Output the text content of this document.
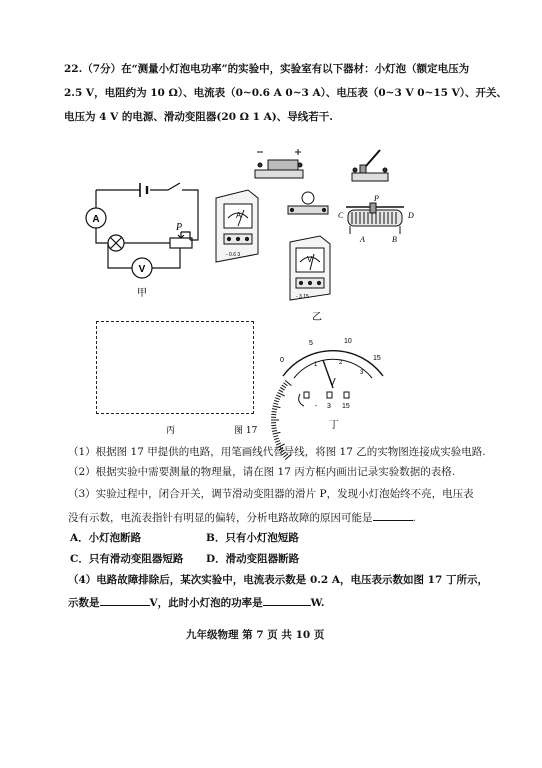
22.（7分）在“测量小灯泡电功率”的实验中，实验室有以下器材：小灯泡（额定电压为
2.5 V，电阻约为 10 Ω）、电流表（0~0.6 A 0~3 A）、电压表（0~3 V 0~15 V）、开关、
电压为 4 V 的电源、滑动变阻器(20 Ω 1 A)、导线若干.
A
V
P
甲
A
- 0.6 3	V
- 3 15
C
P
D
A	B
乙
5	10
15
0
1	2
3
V
- 3 15
丁
丙	图 17
（1）根据图 17 甲提供的电路，用笔画线代替导线，将图 17 乙的实物图连接成实验电路.
（2）根据实验中需要测量的物理量，请在图 17 丙方框内画出记录实验数据的表格.
（3）实验过程中，闭合开关，调节滑动变阻器的滑片 P，发现小灯泡始终不亮，电压表
没有示数，电流表指针有明显的偏转，分析电路故障的原因可能是	.
A．小灯泡断路	B．只有小灯泡短路
C．只有滑动变阻器短路 D．滑动变阻器断路
（4）电路故障排除后，某次实验中，电流表示数是 0.2 A，电压表示数如图 17 丁所示，
示数是	V，此时小灯泡的功率是	W.
九年级物理 第 7 页 共 10 页
